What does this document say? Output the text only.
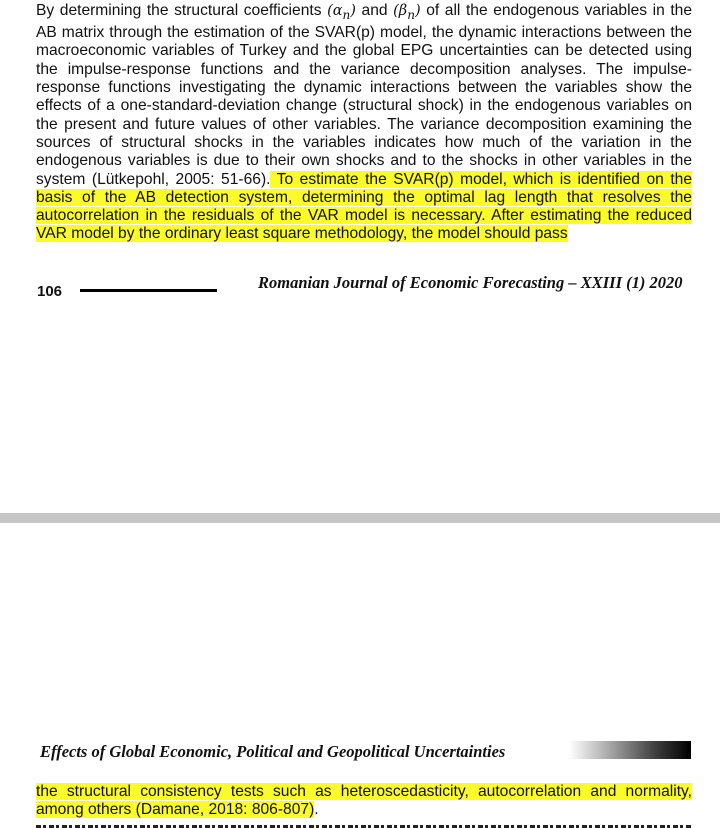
By determining the structural coefficients $(\alpha_n)$ and $(\beta_n)$ of all the endogenous variables in the AB matrix through the estimation of the SVAR(p) model, the dynamic interactions between the macroeconomic variables of Turkey and the global EPG uncertainties can be detected using the impulse-response functions and the variance decomposition analyses. The impulse-response functions investigating the dynamic interactions between the variables show the effects of a one-standard-deviation change (structural shock) in the endogenous variables on the present and future values of other variables. The variance decomposition examining the sources of structural shocks in the variables indicates how much of the variation in the endogenous variables is due to their own shocks and to the shocks in other variables in the system (Lütkepohl, 2005: 51-66). To estimate the SVAR(p) model, which is identified on the basis of the AB detection system, determining the optimal lag length that resolves the autocorrelation in the residuals of the VAR model is necessary. After estimating the reduced VAR model by the ordinary least square methodology, the model should pass

106	Romanian Journal of Economic Forecasting – XXIII (1) 2020
Effects of Global Economic, Political and Geopolitical Uncertainties

the structural consistency tests such as heteroscedasticity, autocorrelation and normality, among others (Damane, 2018: 806-807).
